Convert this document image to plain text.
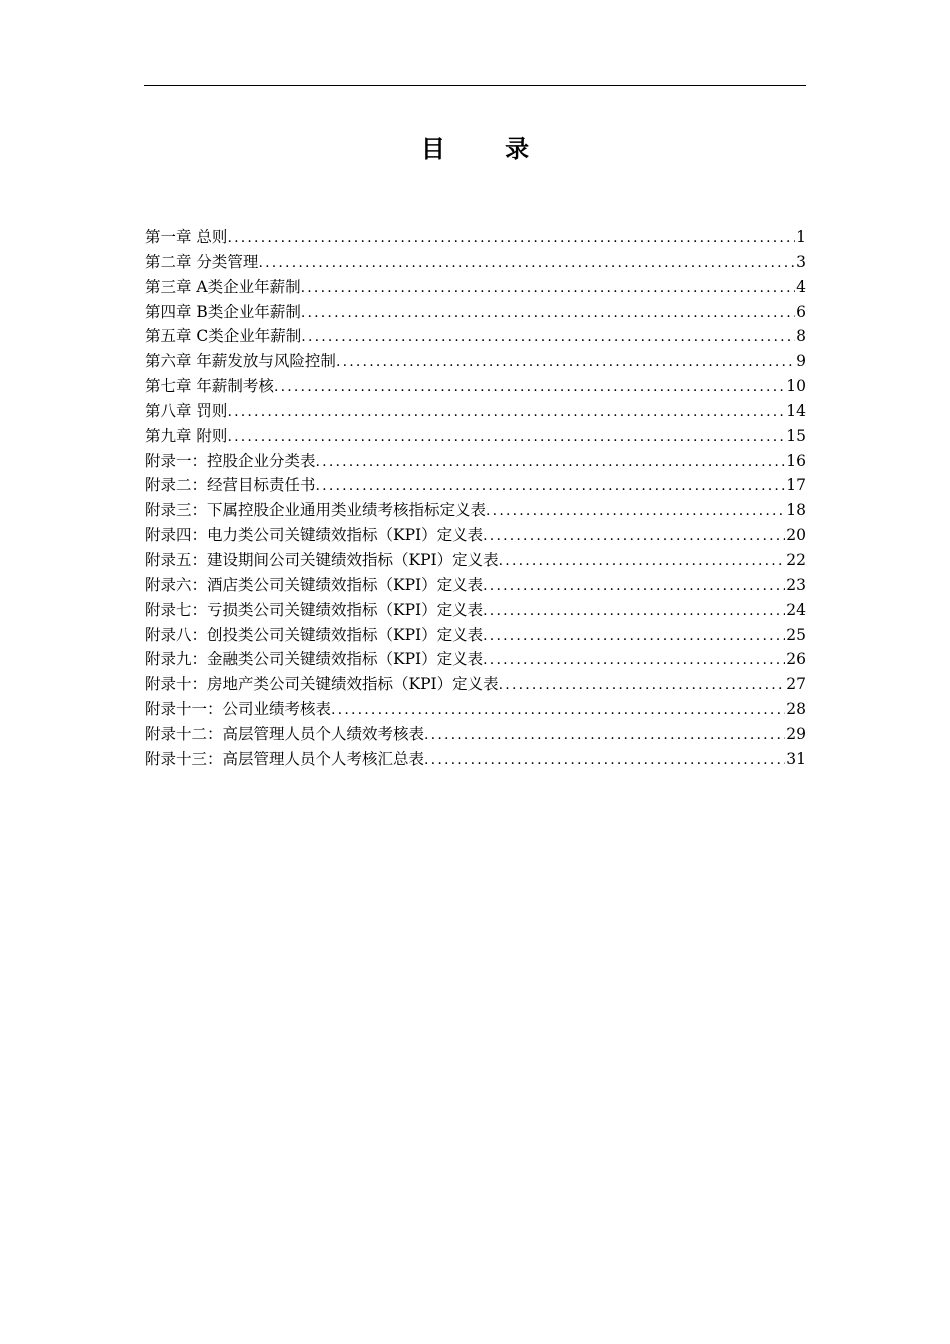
目 录
第一章 总则 .....	1
第二章 分类管理 .....	3
第三章 A类企业年薪制 .....	4
第四章 B类企业年薪制 .....	6
第五章 C类企业年薪制 .....	8
第六章 年薪发放与风险控制 .....	9
第七章 年薪制考核 .....	10
第八章 罚则 .....	14
第九章 附则 .....	15
附录一：控股企业分类表 .....	16
附录二：经营目标责任书 .....	17
附录三：下属控股企业通用类业绩考核指标定义表 .....	18
附录四：电力类公司关键绩效指标（KPI）定义表 .....	20
附录五：建设期间公司关键绩效指标（KPI）定义表 .....	22
附录六：酒店类公司关键绩效指标（KPI）定义表 .....	23
附录七：亏损类公司关键绩效指标（KPI）定义表 .....	24
附录八：创投类公司关键绩效指标（KPI）定义表 .....	25
附录九：金融类公司关键绩效指标（KPI）定义表 .....	26
附录十：房地产类公司关键绩效指标（KPI）定义表 .....	27
附录十一：公司业绩考核表 .....	28
附录十二：高层管理人员个人绩效考核表 .....	29
附录十三：高层管理人员个人考核汇总表 .....	31
